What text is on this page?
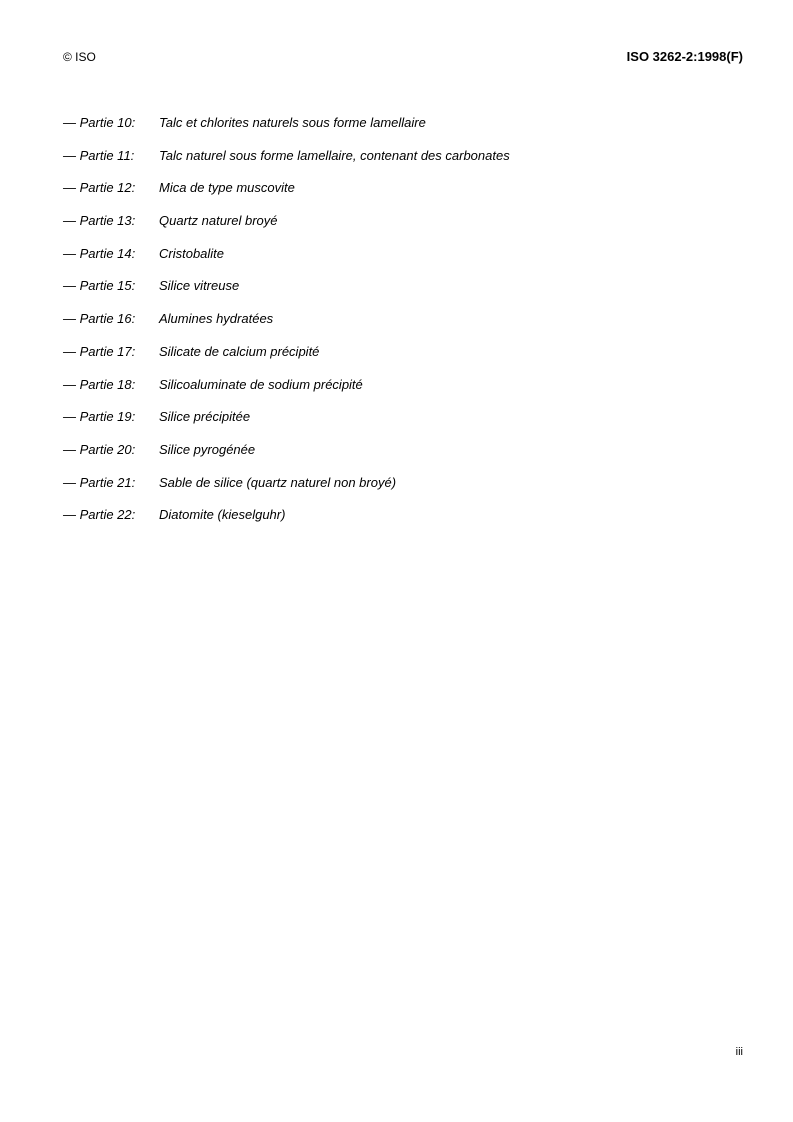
© ISO	ISO 3262-2:1998(F)
— Partie 10: Talc et chlorites naturels sous forme lamellaire
— Partie 11: Talc naturel sous forme lamellaire, contenant des carbonates
— Partie 12: Mica de type muscovite
— Partie 13: Quartz naturel broyé
— Partie 14: Cristobalite
— Partie 15: Silice vitreuse
— Partie 16: Alumines hydratées
— Partie 17: Silicate de calcium précipité
— Partie 18: Silicoaluminate de sodium précipité
— Partie 19: Silice précipitée
— Partie 20: Silice pyrogénée
— Partie 21: Sable de silice (quartz naturel non broyé)
— Partie 22: Diatomite (kieselguhr)
iii
